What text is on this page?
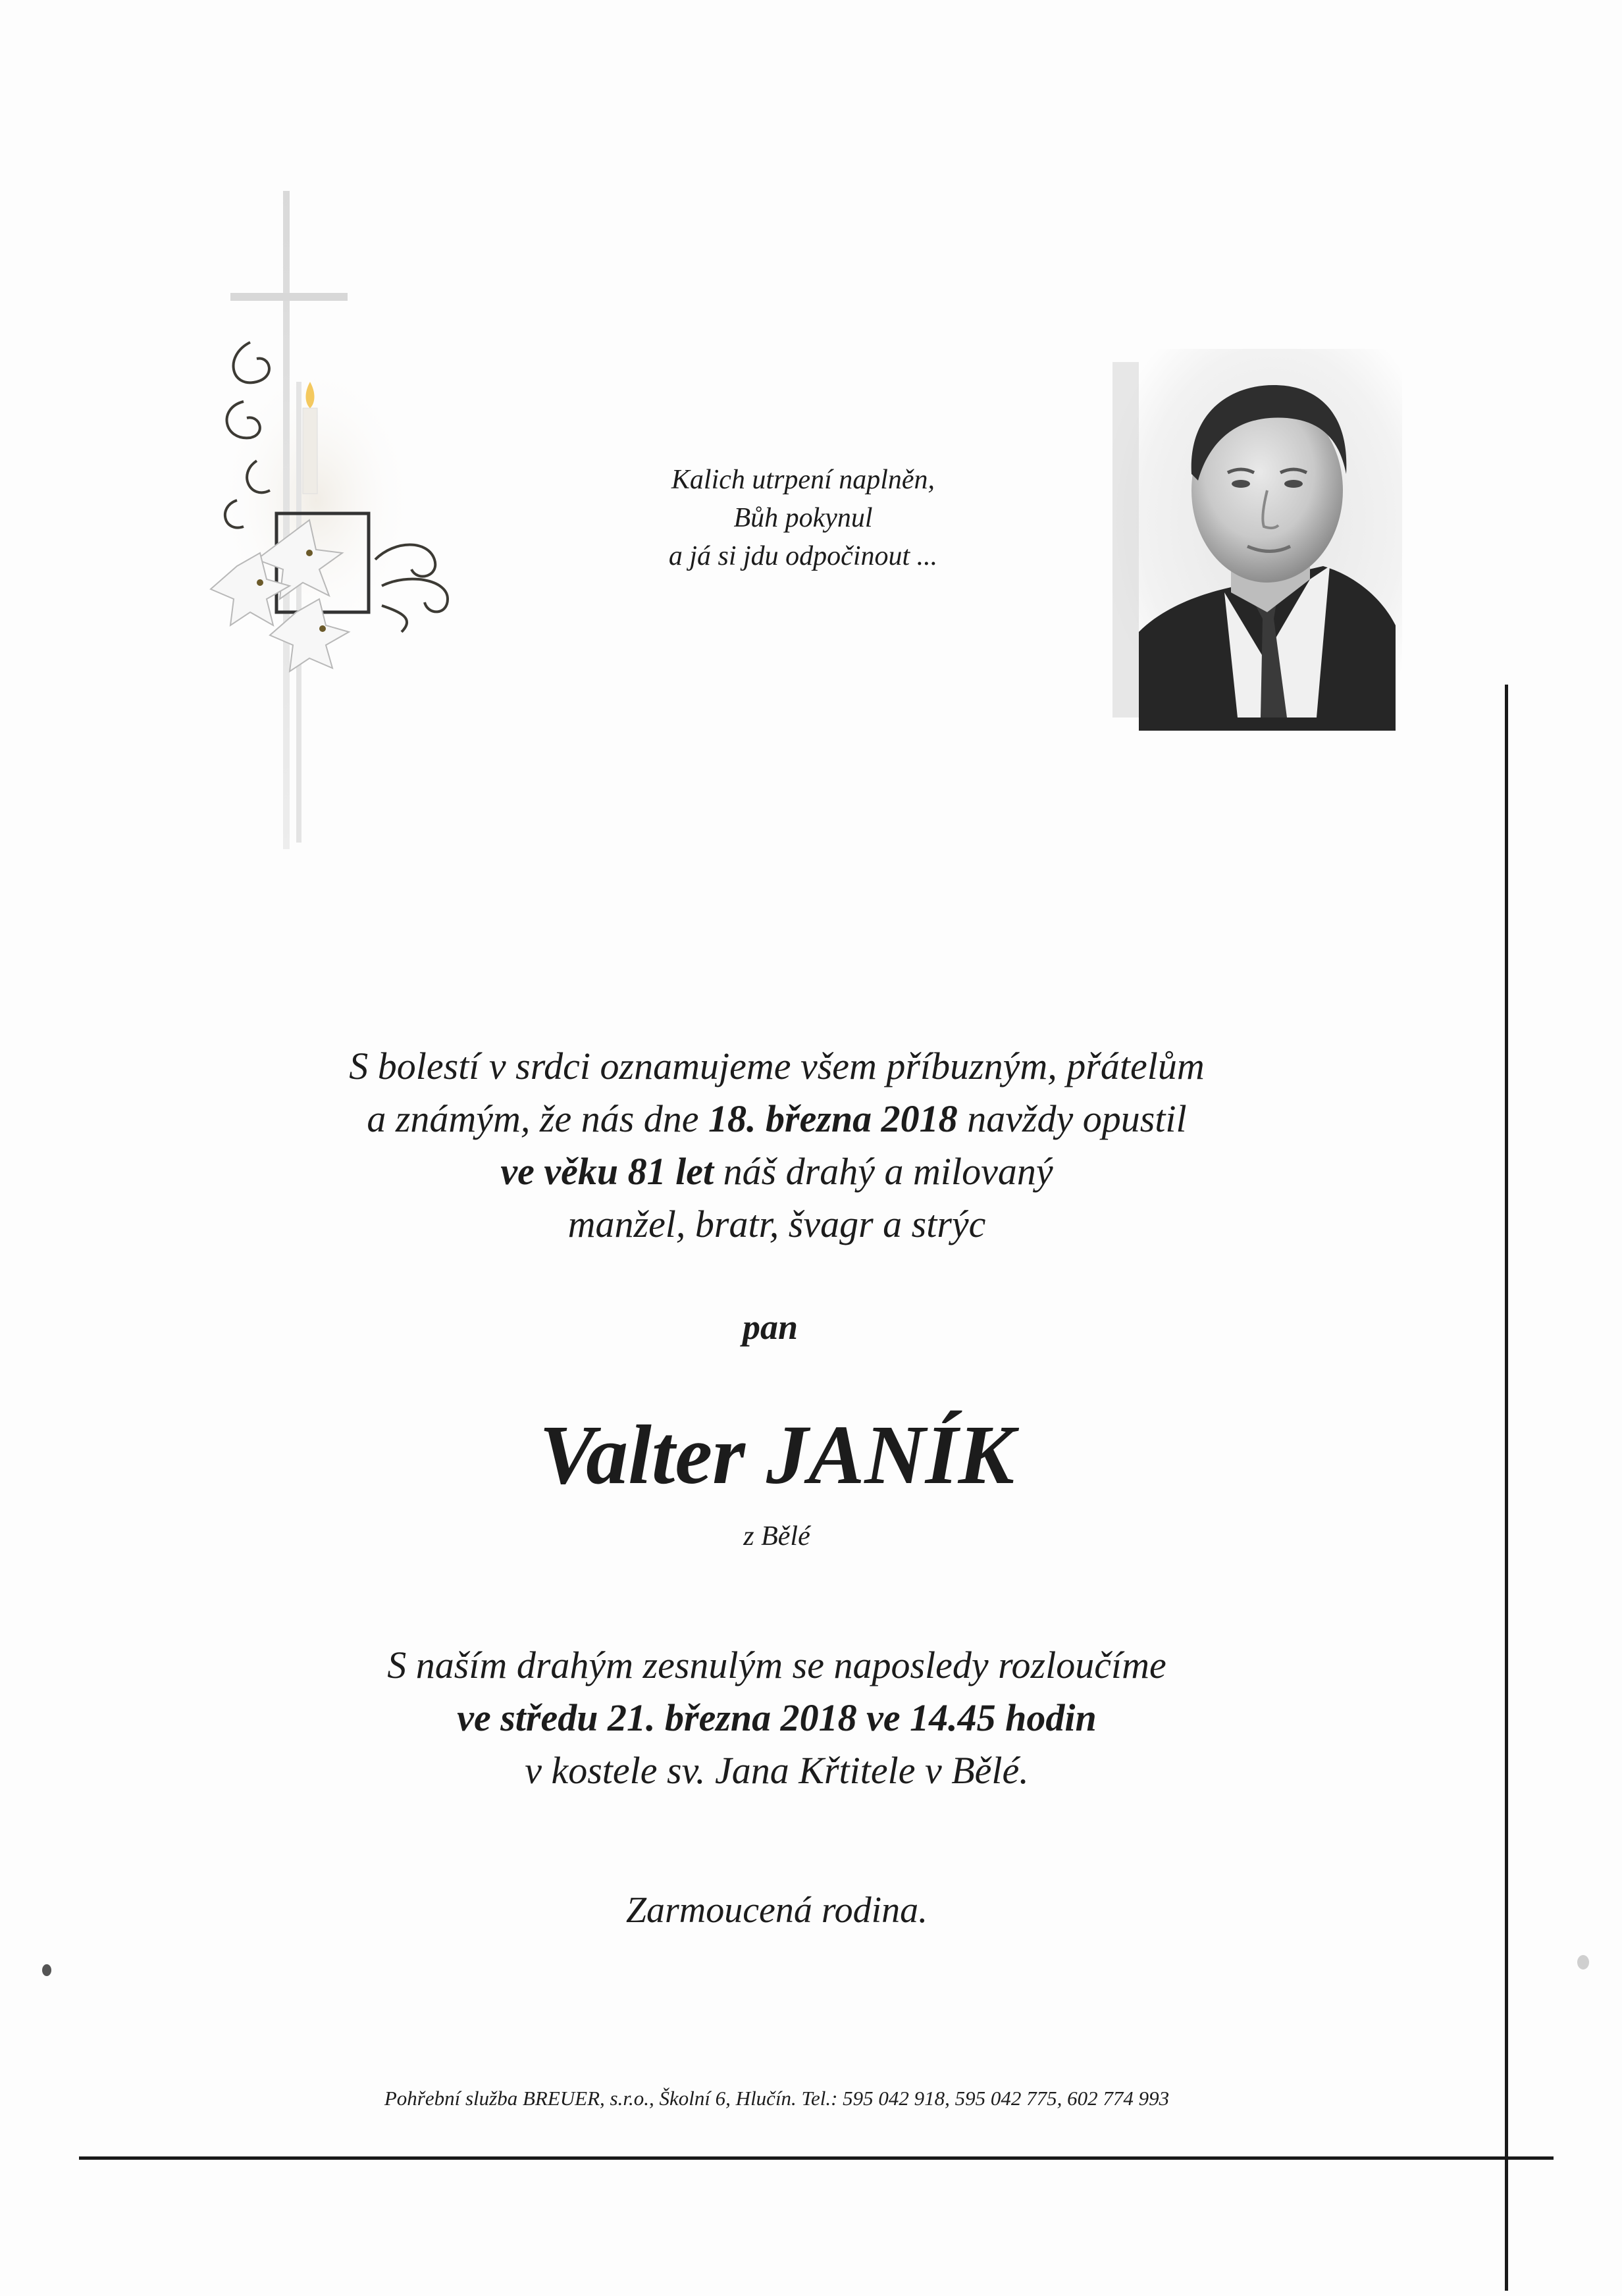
Kalich utrpení naplněn,
Bůh pokynul
a já si jdu odpočinout ...
S bolestí v srdci oznamujeme všem příbuzným, přátelům
a známým, že nás dne 18. března 2018 navždy opustil
ve věku 81 let náš drahý a milovaný
manžel, bratr, švagr a strýc
pan
Valter JANÍK
z Bělé
S naším drahým zesnulým se naposledy rozloučíme
ve středu 21. března 2018 ve 14.45 hodin
v kostele sv. Jana Křtitele v Bělé.
Zarmoucená rodina.
Pohřební služba BREUER, s.r.o., Školní 6, Hlučín. Tel.: 595 042 918, 595 042 775, 602 774 993
